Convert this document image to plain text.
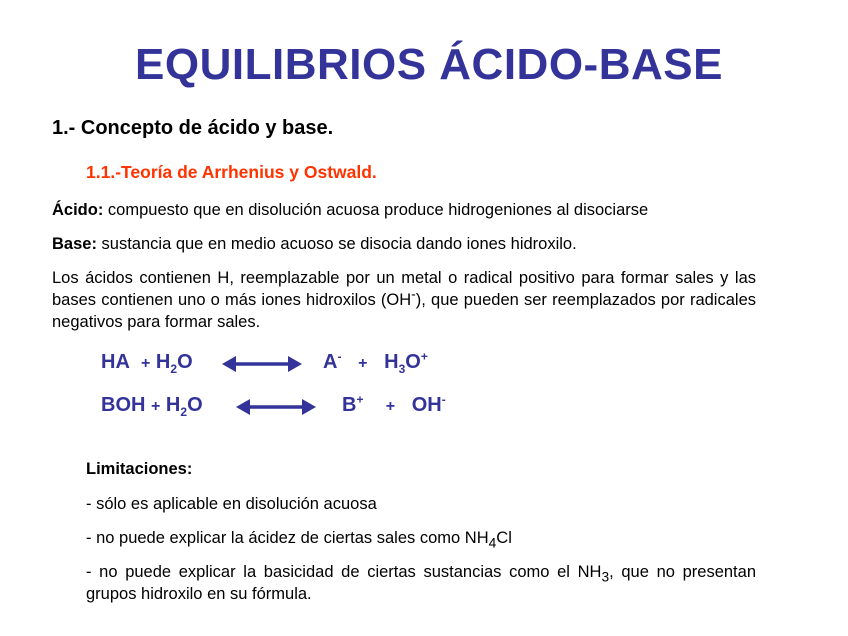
EQUILIBRIOS ÁCIDO-BASE
1.- Concepto de ácido y base.
1.1.-Teoría de Arrhenius y Ostwald.
Ácido: compuesto que en disolución acuosa produce hidrogeniones al disociarse
Base: sustancia que en medio acuoso se disocia dando iones hidroxilo.
Los ácidos contienen H, reemplazable por un metal o radical positivo para formar sales y las bases contienen uno o más iones hidroxilos (OH-), que pueden ser reemplazados por radicales negativos para formar sales.
HA + $H_2O$	$A^- + H_3O^+$
BOH + $H_2O$	B+ + OH-
Limitaciones:
- sólo es aplicable en disolución acuosa
- no puede explicar la ácidez de ciertas sales como $NH_4Cl$
- no puede explicar la basicidad de ciertas sustancias como el $NH_3$, que no presentan grupos hidroxilo en su fórmula.
